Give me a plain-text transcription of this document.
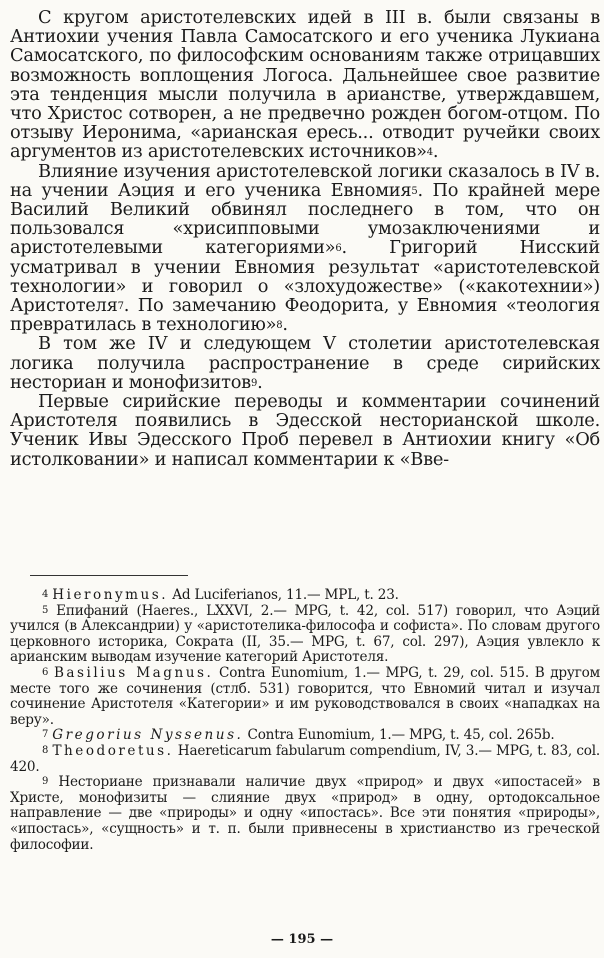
С кругом аристотелевских идей в III в. были связаны в Антиохии учения Павла Самосатского и его ученика Лукиана Самосатского, по философским основаниям также отрицавших возможность воплощения Логоса. Дальнейшее свое развитие эта тенденция мысли получила в арианстве, утверждавшем, что Христос сотворен, а не предвечно рожден богом-отцом. По отзыву Иеронима, «арианская ересь... отводит ручейки своих аргументов из аристотелевских источников»$^4$.

Влияние изучения аристотелевской логики сказалось в IV в. на учении Аэция и его ученика Евномия$^5$. По крайней мере Василий Великий обвинял последнего в том, что он пользовался «хрисипповыми умозаключениями и аристотелевыми категориями»$^6$. Григорий Нисский усматривал в учении Евномия результат «аристотелевской технологии» и говорил о «злохудожестве» («какотехнии») Аристотеля$^7$. По замечанию Феодорита, у Евномия «теология превратилась в технологию»$^8$.

В том же IV и следующем V столетии аристотелевская логика получила распространение в среде сирийских несториан и монофизитов$^9$.

Первые сирийские переводы и комментарии сочинений Аристотеля появились в Эдесской несторианской школе. Ученик Ивы Эдесского Проб перевел в Антиохии книгу «Об истолковании» и написал комментарии к «Вве-

$^4$ Hieronymus. Ad Luciferianos, 11.— MPL, t. 23.

$^5$ Епифаний (Haeres., LXXVI, 2.— MPG, t. 42, col. 517) говорил, что Аэций учился (в Александрии) у «аристотелика-философа и софиста». По словам другого церковного историка, Сократа (II, 35.— MPG, t. 67, col. 297), Аэция увлекло к арианским выводам изучение категорий Аристотеля.

$^6$ Basilius Magnus. Contra Eunomium, 1.— MPG, t. 29, col. 515. В другом месте того же сочинения (стлб. 531) говорится, что Евномий читал и изучал сочинение Аристотеля «Категории» и им руководствовался в своих «нападках на веру».

$^7$ Gregorius Nyssenus. Contra Eunomium, 1.— MPG, t. 45, col. 265b.

$^8$ Theodoretus. Haereticarum fabularum compendium, IV, 3.— MPG, t. 83, col. 420.

$^9$ Несториане признавали наличие двух «природ» и двух «ипостасей» в Христе, монофизиты — слияние двух «природ» в одну, ортодоксальное направление — две «природы» и одну «ипостась». Все эти понятия «природы», «ипостась», «сущность» и т. п. были привнесены в христианство из греческой философии.

— 195 —
